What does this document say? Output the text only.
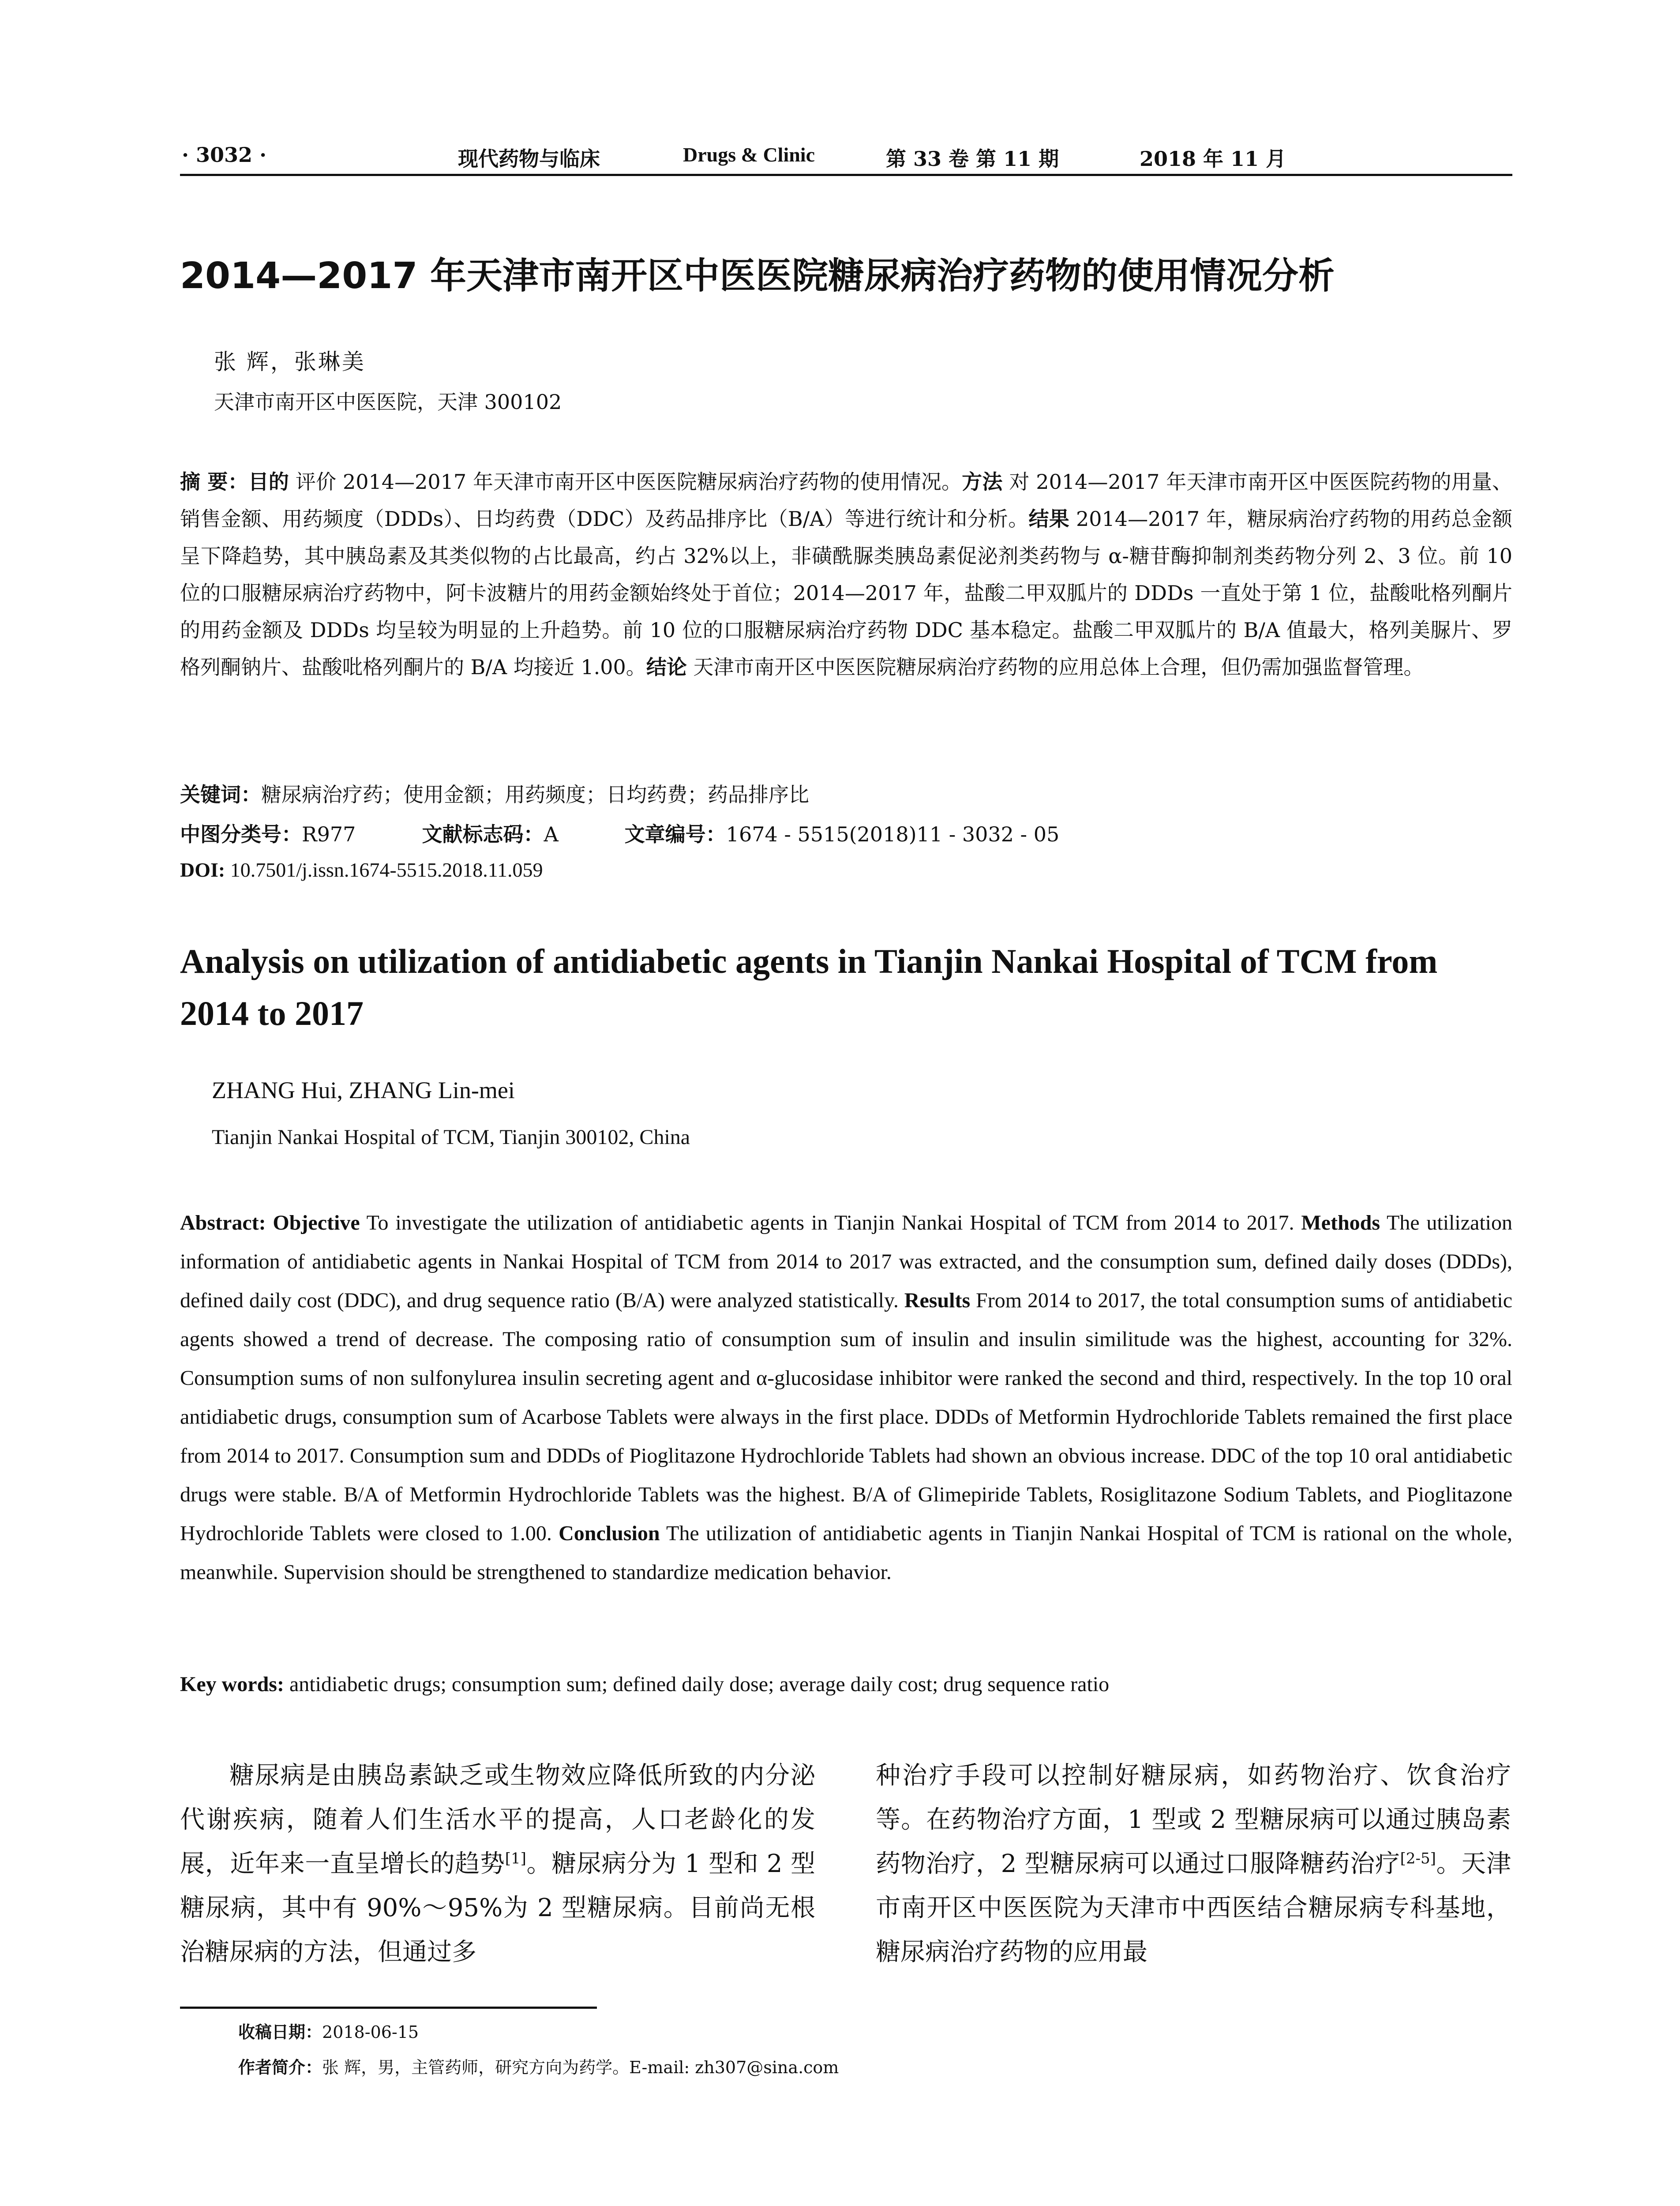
· 3032 ·	现代药物与临床	Drugs & Clinic	第 33 卷 第 11 期	2018 年 11 月
2014—2017 年天津市南开区中医医院糖尿病治疗药物的使用情况分析
张 辉，张琳美
天津市南开区中医医院，天津 300102

摘 要：目的 评价 2014—2017 年天津市南开区中医医院糖尿病治疗药物的使用情况。方法 对 2014—2017 年天津市南开区中医医院药物的用量、销售金额、用药频度（DDDs）、日均药费（DDC）及药品排序比（B/A）等进行统计和分析。结果 2014—2017 年，糖尿病治疗药物的用药总金额呈下降趋势，其中胰岛素及其类似物的占比最高，约占 32%以上，非磺酰脲类胰岛素促泌剂类药物与 α-糖苷酶抑制剂类药物分列 2、3 位。前 10 位的口服糖尿病治疗药物中，阿卡波糖片的用药金额始终处于首位；2014—2017 年，盐酸二甲双胍片的 DDDs 一直处于第 1 位，盐酸吡格列酮片的用药金额及 DDDs 均呈较为明显的上升趋势。前 10 位的口服糖尿病治疗药物 DDC 基本稳定。盐酸二甲双胍片的 B/A 值最大，格列美脲片、罗格列酮钠片、盐酸吡格列酮片的 B/A 均接近 1.00。结论 天津市南开区中医医院糖尿病治疗药物的应用总体上合理，但仍需加强监督管理。

关键词：糖尿病治疗药；使用金额；用药频度；日均药费；药品排序比
中图分类号：R977	文献标志码：A	文章编号：1674 - 5515(2018)11 - 3032 - 05
DOI: 10.7501/j.issn.1674-5515.2018.11.059
Analysis on utilization of antidiabetic agents in Tianjin Nankai Hospital of TCM from 2014 to 2017
ZHANG Hui, ZHANG Lin-mei
Tianjin Nankai Hospital of TCM, Tianjin 300102, China

Abstract: Objective To investigate the utilization of antidiabetic agents in Tianjin Nankai Hospital of TCM from 2014 to 2017. Methods The utilization information of antidiabetic agents in Nankai Hospital of TCM from 2014 to 2017 was extracted, and the consumption sum, defined daily doses (DDDs), defined daily cost (DDC), and drug sequence ratio (B/A) were analyzed statistically. Results From 2014 to 2017, the total consumption sums of antidiabetic agents showed a trend of decrease. The composing ratio of consumption sum of insulin and insulin similitude was the highest, accounting for 32%. Consumption sums of non sulfonylurea insulin secreting agent and α-glucosidase inhibitor were ranked the second and third, respectively. In the top 10 oral antidiabetic drugs, consumption sum of Acarbose Tablets were always in the first place. DDDs of Metformin Hydrochloride Tablets remained the first place from 2014 to 2017. Consumption sum and DDDs of Pioglitazone Hydrochloride Tablets had shown an obvious increase. DDC of the top 10 oral antidiabetic drugs were stable. B/A of Metformin Hydrochloride Tablets was the highest. B/A of Glimepiride Tablets, Rosiglitazone Sodium Tablets, and Pioglitazone Hydrochloride Tablets were closed to 1.00. Conclusion The utilization of antidiabetic agents in Tianjin Nankai Hospital of TCM is rational on the whole, meanwhile. Supervision should be strengthened to standardize medication behavior.

Key words: antidiabetic drugs; consumption sum; defined daily dose; average daily cost; drug sequence ratio

糖尿病是由胰岛素缺乏或生物效应降低所致的内分泌代谢疾病，随着人们生活水平的提高，人口老龄化的发展，近年来一直呈增长的趋势[1]。糖尿病分为 1 型和 2 型糖尿病，其中有 90%～95%为 2 型糖尿病。目前尚无根治糖尿病的方法，但通过多

种治疗手段可以控制好糖尿病，如药物治疗、饮食治疗等。在药物治疗方面，1 型或 2 型糖尿病可以通过胰岛素药物治疗，2 型糖尿病可以通过口服降糖药治疗[2-5]。天津市南开区中医医院为天津市中西医结合糖尿病专科基地，糖尿病治疗药物的应用最

收稿日期：2018-06-15
作者简介：张 辉，男，主管药师，研究方向为药学。E-mail: zh307@sina.com
